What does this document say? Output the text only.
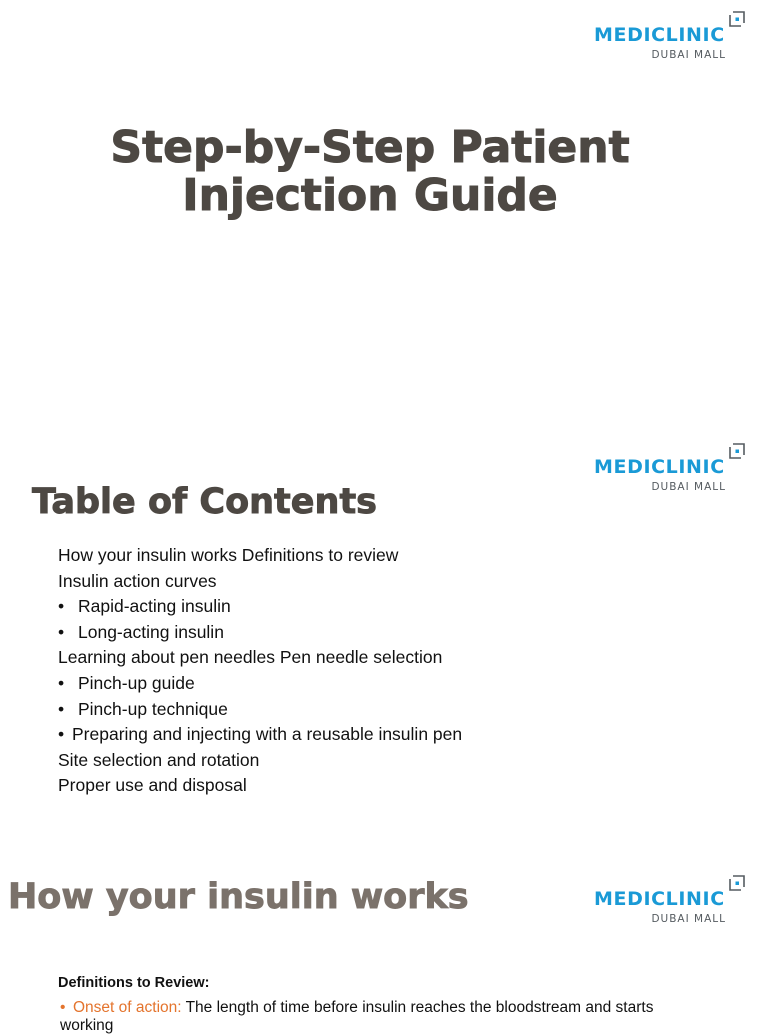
MEDICLINIC
DUBAI MALL
Step-by-Step Patient
Injection Guide
MEDICLINIC
DUBAI MALL
Table of Contents
How your insulin works Definitions to review
Insulin action curves
• Rapid-acting insulin
• Long-acting insulin
Learning about pen needles Pen needle selection
• Pinch-up guide
• Pinch-up technique
• Preparing and injecting with a reusable insulin pen
Site selection and rotation
Proper use and disposal
MEDICLINIC
DUBAI MALL
How your insulin works

Definitions to Review:

• Onset of action: The length of time before insulin reaches the bloodstream and starts working
